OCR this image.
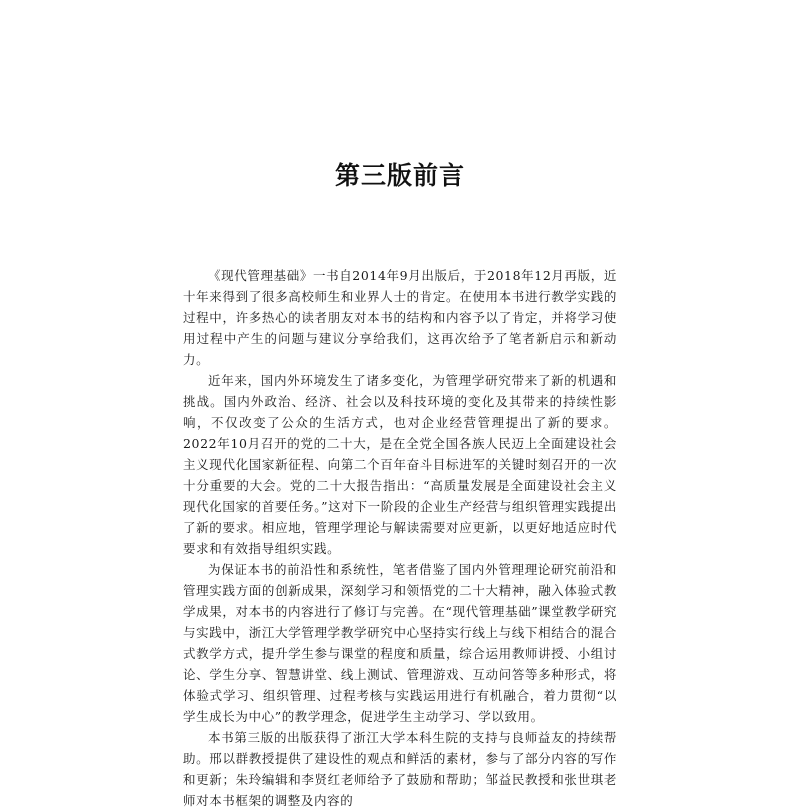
第三版前言

《现代管理基础》一书自2014年9月出版后，于2018年12月再版，近十年来得到了很多高校师生和业界人士的肯定。在使用本书进行教学实践的过程中，许多热心的读者朋友对本书的结构和内容予以了肯定，并将学习使用过程中产生的问题与建议分享给我们，这再次给予了笔者新启示和新动力。

近年来，国内外环境发生了诸多变化，为管理学研究带来了新的机遇和挑战。国内外政治、经济、社会以及科技环境的变化及其带来的持续性影响，不仅改变了公众的生活方式，也对企业经营管理提出了新的要求。2022年10月召开的党的二十大，是在全党全国各族人民迈上全面建设社会主义现代化国家新征程、向第二个百年奋斗目标进军的关键时刻召开的一次十分重要的大会。党的二十大报告指出：“高质量发展是全面建设社会主义现代化国家的首要任务。”这对下一阶段的企业生产经营与组织管理实践提出了新的要求。相应地，管理学理论与解读需要对应更新，以更好地适应时代要求和有效指导组织实践。

为保证本书的前沿性和系统性，笔者借鉴了国内外管理理论研究前沿和管理实践方面的创新成果，深刻学习和领悟党的二十大精神，融入体验式教学成果，对本书的内容进行了修订与完善。在“现代管理基础”课堂教学研究与实践中，浙江大学管理学教学研究中心坚持实行线上与线下相结合的混合式教学方式，提升学生参与课堂的程度和质量，综合运用教师讲授、小组讨论、学生分享、智慧讲堂、线上测试、管理游戏、互动问答等多种形式，将体验式学习、组织管理、过程考核与实践运用进行有机融合，着力贯彻“以学生成长为中心”的教学理念，促进学生主动学习、学以致用。

本书第三版的出版获得了浙江大学本科生院的支持与良师益友的持续帮助。邢以群教授提供了建设性的观点和鲜活的素材，参与了部分内容的写作和更新；朱玲编辑和李贤红老师给予了鼓励和帮助；邹益民教授和张世琪老师对本书框架的调整及内容的
